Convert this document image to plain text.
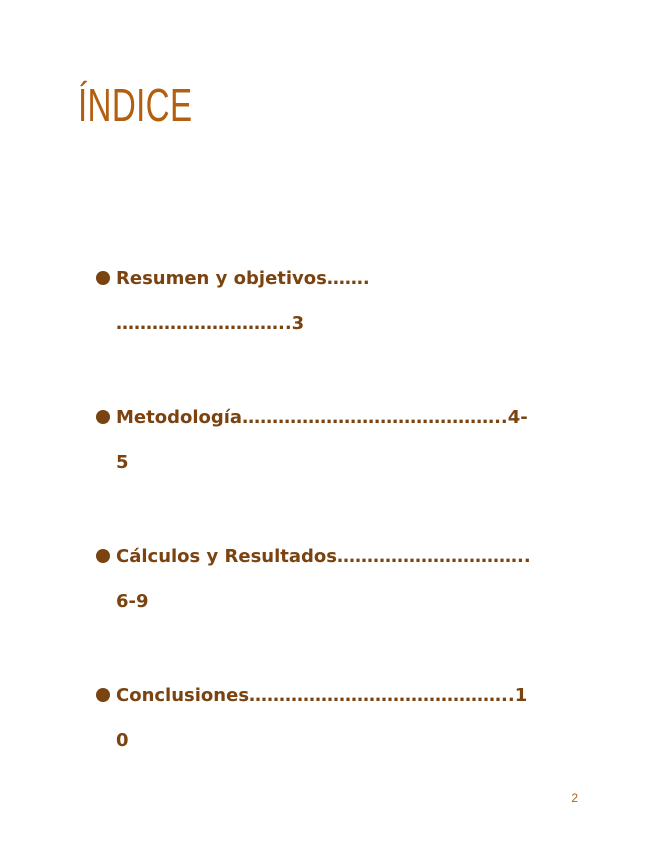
ÍNDICE
Resumen y objetivos…….
………………………..3
Metodología……………………………………..4-
5
Cálculos y Resultados…………………………..
6-9
Conclusiones……………………………………..1
0
2
